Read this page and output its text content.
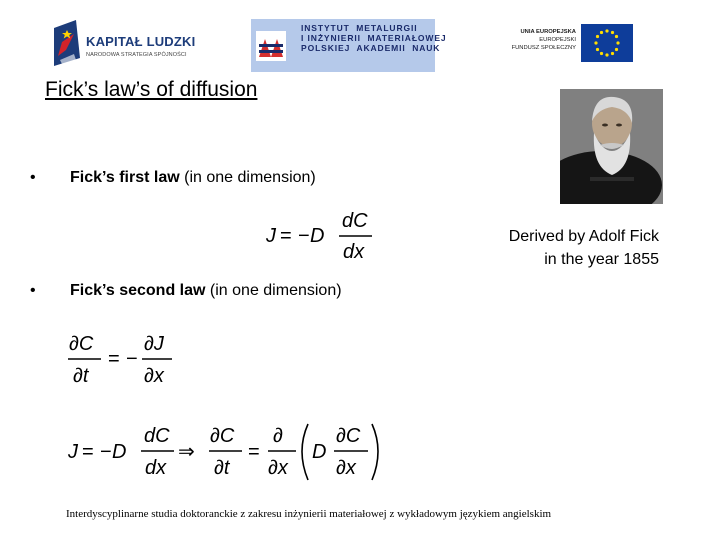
KAPITAŁ LUDZKI
NARODOWA STRATEGIA SPÓJNOŚCI
INSTYTUT  METALURGII
I INŻYNIERII  MATERIAŁOWEJ
POLSKIEJ  AKADEMII  NAUK
UNIA EUROPEJSKA
EUROPEJSKI
FUNDUSZ SPOŁECZNY
Fick’s law’s of diffusion
• Fick’s first law (in one dimension)
J = − D
dC
dx
Derived by Adolf Fick
in the year 1855
• Fick’s second law (in one dimension)
∂C
∂t
= −
∂J
∂x
J = − D
dC
dx
⇒
∂C
∂t
=
∂
∂x
D
∂C
∂x
Interdyscyplinarne studia doktoranckie z zakresu inżynierii materiałowej z wykładowym językiem angielskim
